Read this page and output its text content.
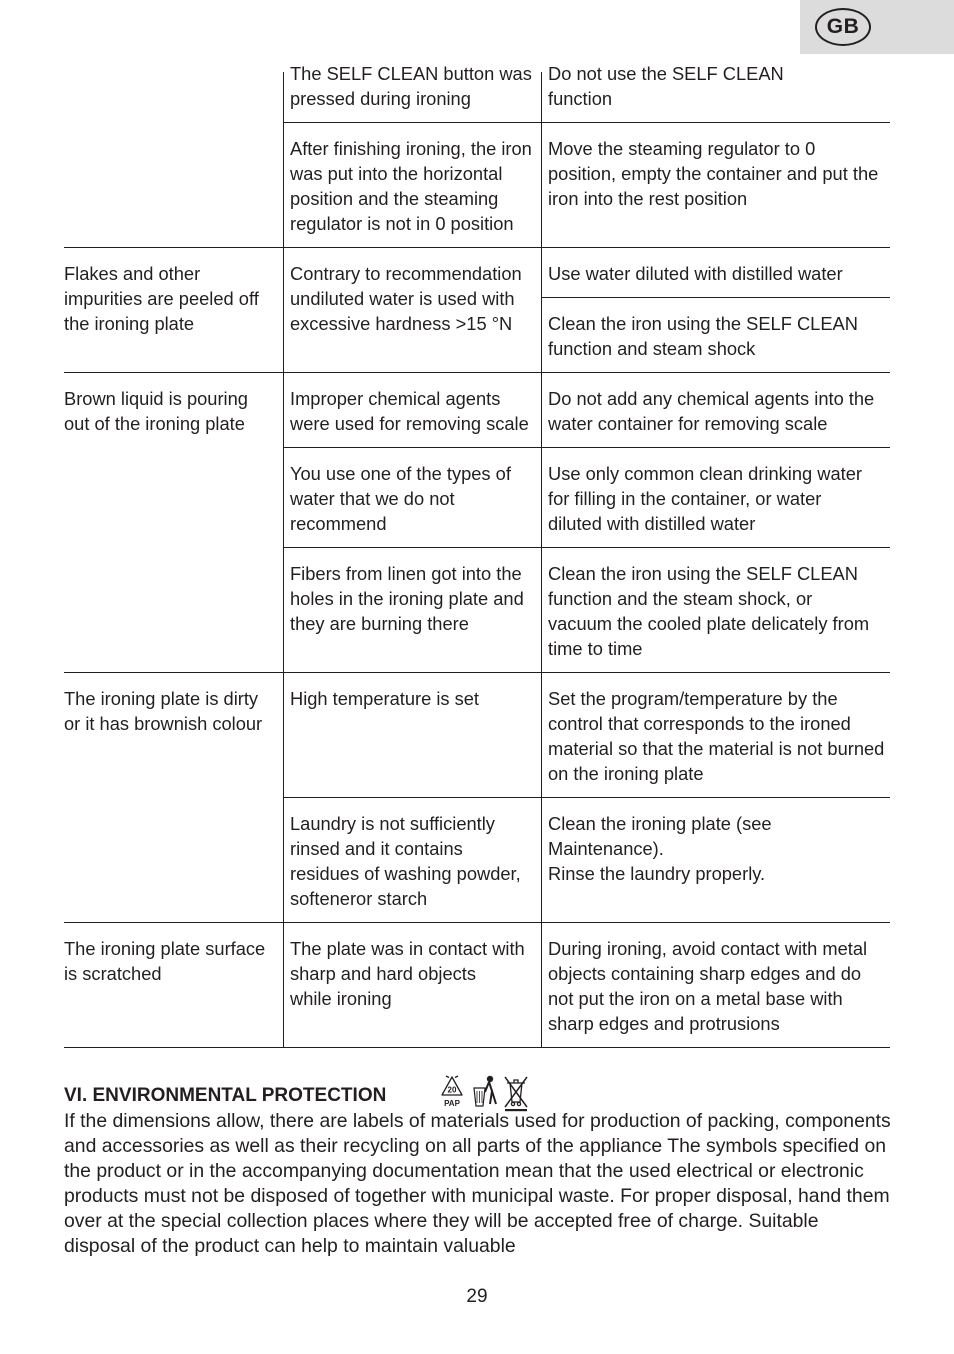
GB
The SELF CLEAN button was
pressed during ironing
Do not use the SELF CLEAN
function
After finishing ironing, the iron
was put into the horizontal
position and the steaming
regulator is not in 0 position
Move the steaming regulator to 0
position, empty the container and put the
iron into the rest position
Flakes and other
impurities are peeled off
the ironing plate
Contrary to recommendation
undiluted water is used with
excessive hardness >15 °N
Use water diluted with distilled water
Clean the iron using the SELF CLEAN
function and steam shock
Brown liquid is pouring
out of the ironing plate
Improper chemical agents
were used for removing scale
Do not add any chemical agents into the
water container for removing scale
You use one of the types of
water that we do not
recommend
Use only common clean drinking water
for filling in the container, or water
diluted with distilled water
Fibers from linen got into the
holes in the ironing plate and
they are burning there
Clean the iron using the SELF CLEAN
function and the steam shock, or
vacuum the cooled plate delicately from
time to time
The ironing plate is dirty
or it has brownish colour
High temperature is set	Set the program/temperature by the
control that corresponds to the ironed
material so that the material is not burned
on the ironing plate
Laundry is not sufficiently
rinsed and it contains
residues of washing powder,
softeneror starch
Clean the ironing plate (see
Maintenance).
Rinse the laundry properly.
The ironing plate surface
is scratched
The plate was in contact with
sharp and hard objects
while ironing
During ironing, avoid contact with metal
objects containing sharp edges and do
not put the iron on a metal base with
sharp edges and protrusions
VI. ENVIRONMENTAL PROTECTION	20
PAP
If the dimensions allow, there are labels of materials used for production of packing, components and accessories as well as their recycling on all parts of the appliance The symbols specified on the product or in the accompanying documentation mean that the used electrical or electronic products must not be disposed of together with municipal waste. For proper disposal, hand them over at the special collection places where they will be accepted free of charge. Suitable disposal of the product can help to maintain valuable
29
